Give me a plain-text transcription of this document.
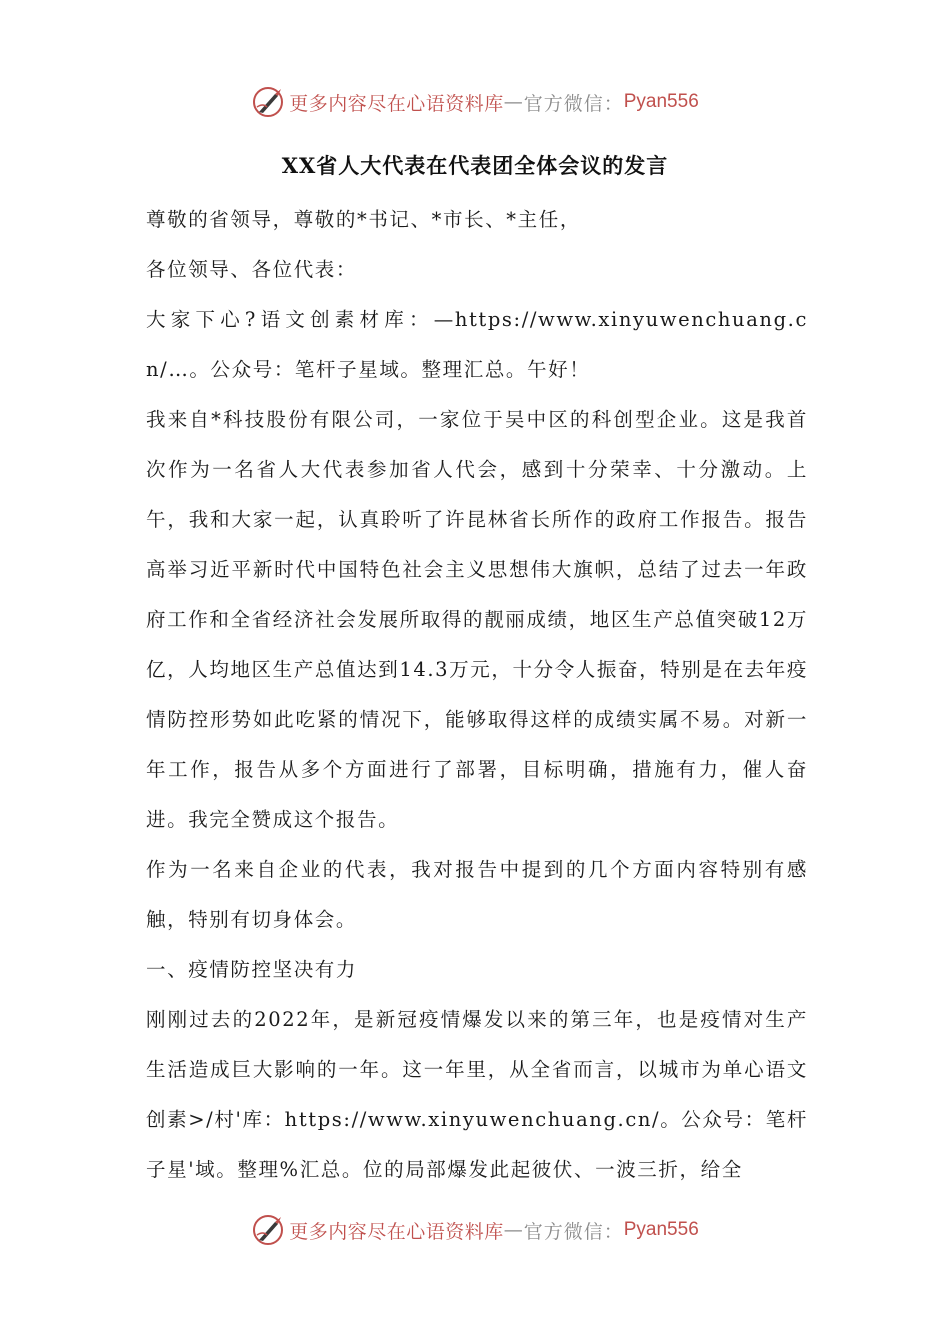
更多内容尽在心语资料库 — 官方微信： Pyan556
XX省人大代表在代表团全体会议的发言

尊敬的省领导，尊敬的*书记、*市长、*主任，

各位领导、各位代表：

大家下心?语文创素材库：—https://www.xinyuwenchuang.cn/…。公众号：笔杆子星域。整理汇总。午好！

我来自*科技股份有限公司，一家位于吴中区的科创型企业。这是我首次作为一名省人大代表参加省人代会，感到十分荣幸、十分激动。上午，我和大家一起，认真聆听了许昆林省长所作的政府工作报告。报告高举习近平新时代中国特色社会主义思想伟大旗帜，总结了过去一年政府工作和全省经济社会发展所取得的靓丽成绩，地区生产总值突破12万亿，人均地区生产总值达到14.3万元，十分令人振奋，特别是在去年疫情防控形势如此吃紧的情况下，能够取得这样的成绩实属不易。对新一年工作，报告从多个方面进行了部署，目标明确，措施有力，催人奋进。我完全赞成这个报告。

作为一名来自企业的代表，我对报告中提到的几个方面内容特别有感触，特别有切身体会。

一、疫情防控坚决有力

刚刚过去的2022年，是新冠疫情爆发以来的第三年，也是疫情对生产生活造成巨大影响的一年。这一年里，从全省而言，以城市为单心语文创素>/村'库：https://www.xinyuwenchuang.cn/。公众号：笔杆子星'域。整理%汇总。位的局部爆发此起彼伏、一波三折，给全

更多内容尽在心语资料库 — 官方微信： Pyan556
